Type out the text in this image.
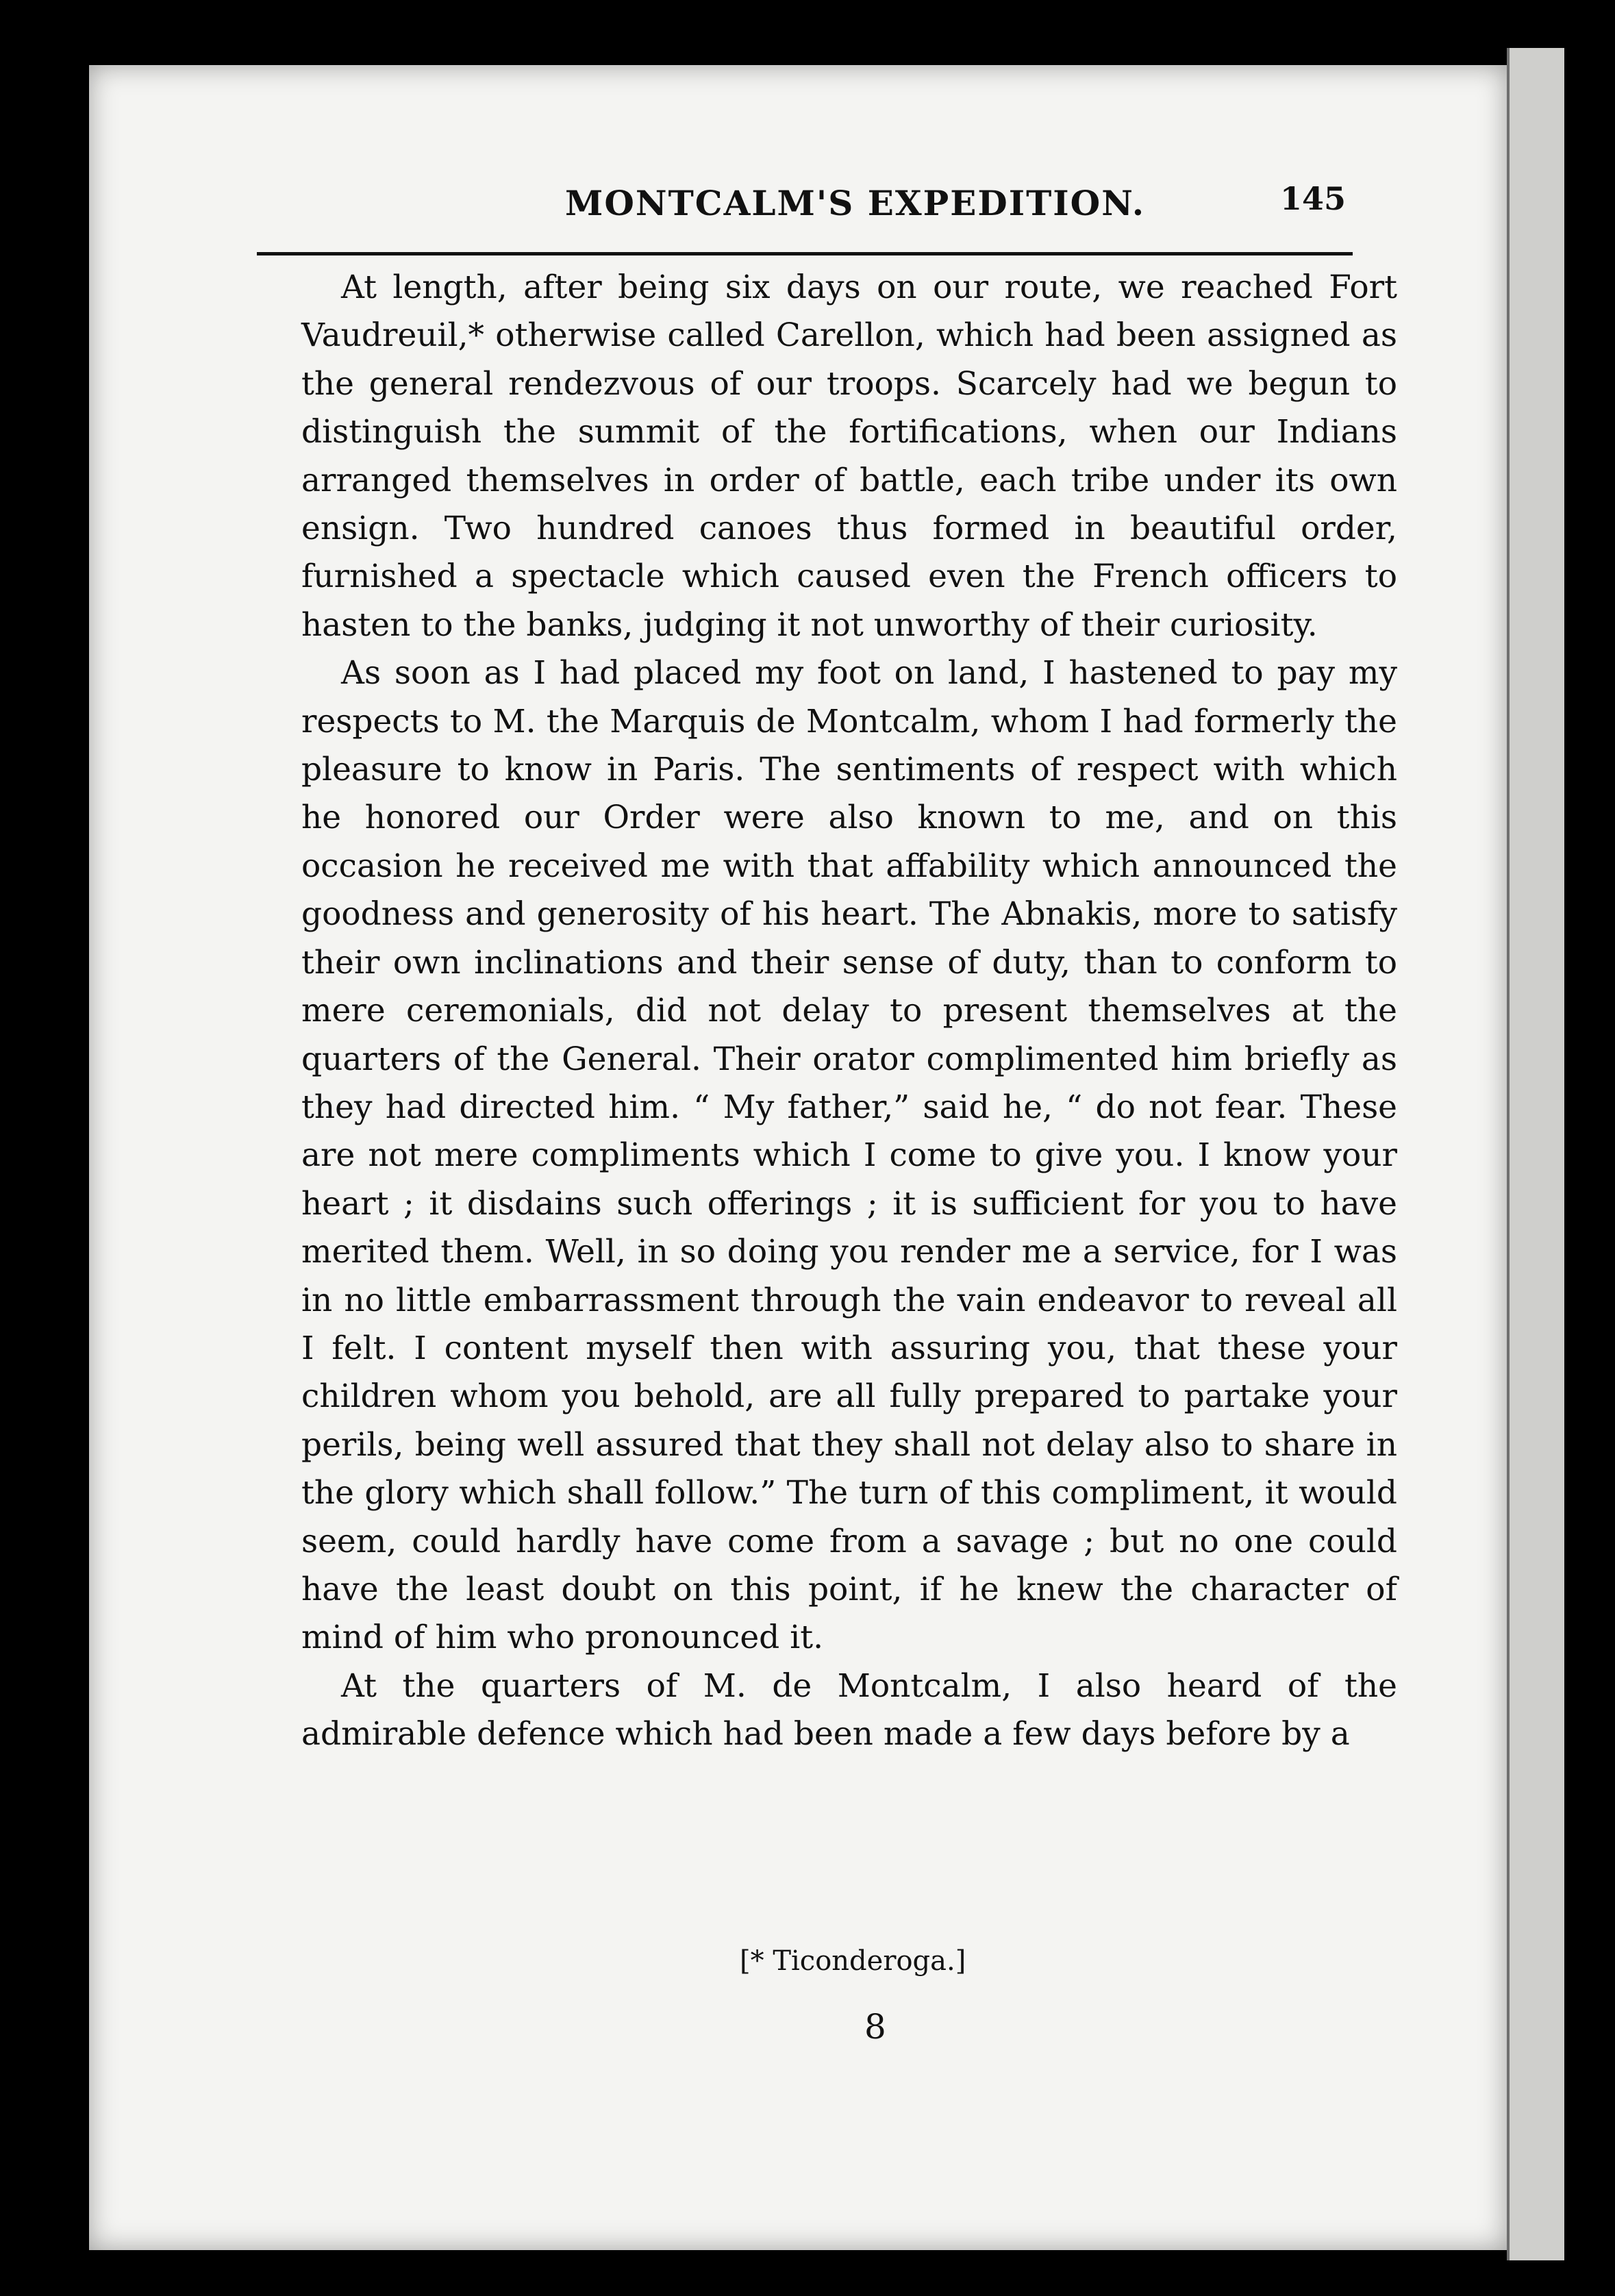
MONTCALM'S EXPEDITION.	145

At length, after being six days on our route, we reached Fort Vaudreuil,* otherwise called Carellon, which had been assigned as the general rendezvous of our troops. Scarcely had we begun to distinguish the summit of the fortifications, when our Indians arranged themselves in order of battle, each tribe under its own ensign. Two hundred canoes thus formed in beautiful order, furnished a spectacle which caused even the French officers to hasten to the banks, judging it not unworthy of their curiosity.

As soon as I had placed my foot on land, I hastened to pay my respects to M. the Marquis de Montcalm, whom I had formerly the pleasure to know in Paris. The sentiments of respect with which he honored our Order were also known to me, and on this occasion he received me with that affability which announced the goodness and generosity of his heart. The Abnakis, more to satisfy their own inclinations and their sense of duty, than to conform to mere ceremonials, did not delay to present themselves at the quarters of the General. Their orator complimented him briefly as they had directed him. “ My father,” said he, “ do not fear. These are not mere compliments which I come to give you. I know your heart ; it disdains such offerings ; it is sufficient for you to have merited them. Well, in so doing you render me a service, for I was in no little embarrassment through the vain endeavor to reveal all I felt. I content myself then with assuring you, that these your children whom you behold, are all fully prepared to partake your perils, being well assured that they shall not delay also to share in the glory which shall follow.” The turn of this compliment, it would seem, could hardly have come from a savage ; but no one could have the least doubt on this point, if he knew the character of mind of him who pronounced it.

At the quarters of M. de Montcalm, I also heard of the admirable defence which had been made a few days before by a

[* Ticonderoga.]
8
